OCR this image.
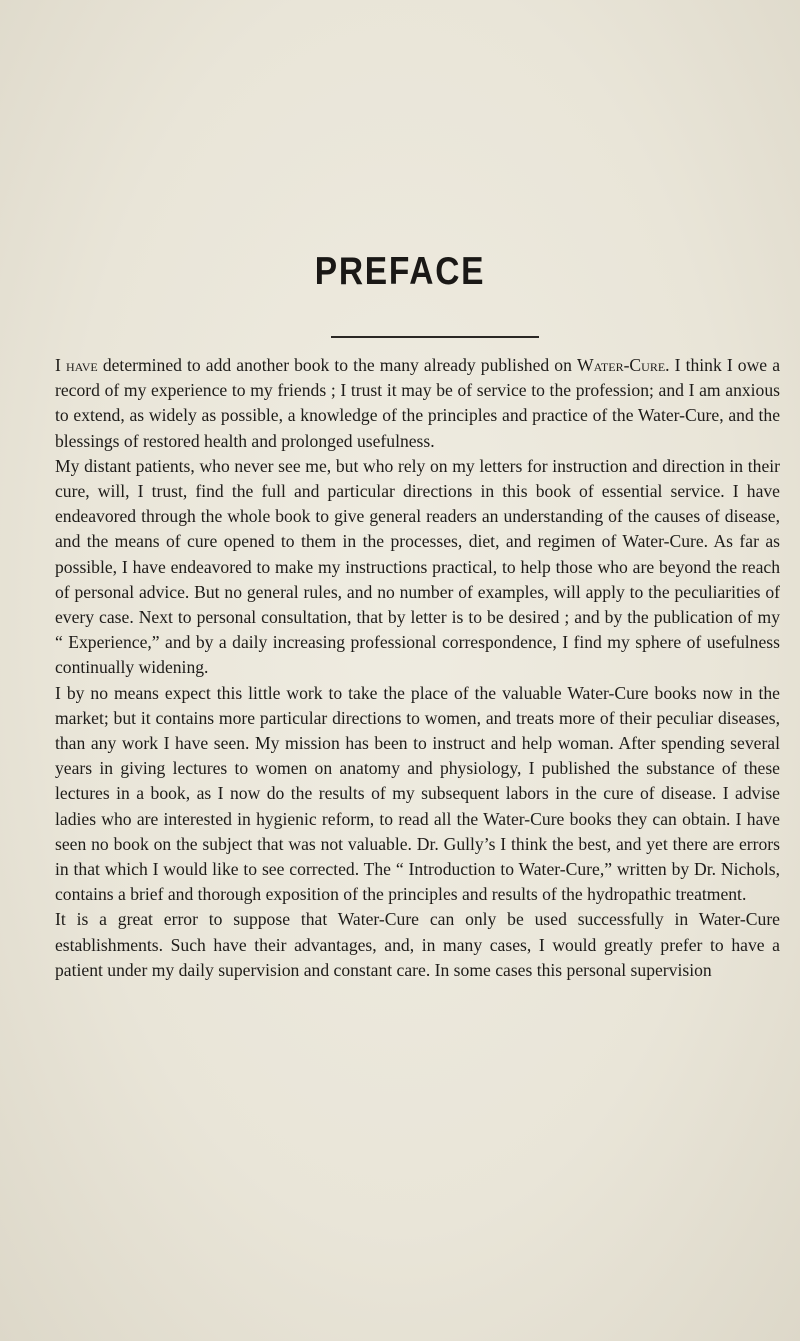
PREFACE

I have determined to add another book to the many already published on Water-Cure. I think I owe a record of my experience to my friends ; I trust it may be of service to the profession; and I am anxious to extend, as widely as possible, a knowledge of the principles and practice of the Water-Cure, and the blessings of restored health and prolonged usefulness.

My distant patients, who never see me, but who rely on my letters for instruction and direction in their cure, will, I trust, find the full and particular directions in this book of essential service. I have endeavored through the whole book to give general readers an understanding of the causes of disease, and the means of cure opened to them in the processes, diet, and regimen of Water-Cure. As far as possible, I have endeavored to make my instructions practical, to help those who are beyond the reach of personal advice. But no general rules, and no number of examples, will apply to the peculiarities of every case. Next to personal consultation, that by letter is to be desired ; and by the publication of my “ Experience,” and by a daily increasing professional correspondence, I find my sphere of usefulness continually widening.

I by no means expect this little work to take the place of the valuable Water-Cure books now in the market; but it contains more particular directions to women, and treats more of their peculiar diseases, than any work I have seen. My mission has been to instruct and help woman. After spending several years in giving lectures to women on anatomy and physiology, I published the substance of these lectures in a book, as I now do the results of my subsequent labors in the cure of disease. I advise ladies who are interested in hygienic reform, to read all the Water-Cure books they can obtain. I have seen no book on the subject that was not valuable. Dr. Gully’s I think the best, and yet there are errors in that which I would like to see corrected. The “ Introduction to Water-Cure,” written by Dr. Nichols, contains a brief and thorough exposition of the principles and results of the hydropathic treatment.

It is a great error to suppose that Water-Cure can only be used successfully in Water-Cure establishments. Such have their advantages, and, in many cases, I would greatly prefer to have a patient under my daily supervision and constant care. In some cases this personal supervision
